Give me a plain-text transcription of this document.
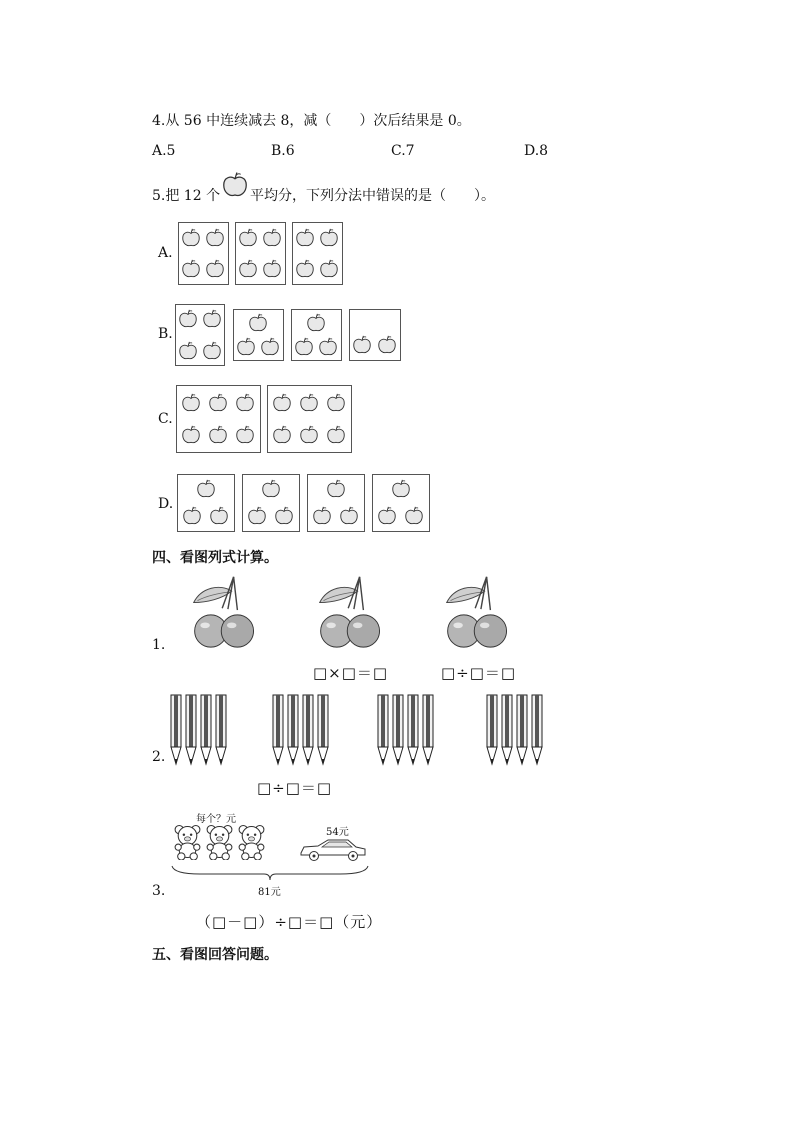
4.从 56 中连续减去 8，减（　　）次后结果是 0。
A.5	B.6	C.7	D.8
5.把 12 个 平均分，下列分法中错误的是（　　）。
A.
B.
C.
D.
四、看图列式计算。
1.
□×□＝□	□÷□＝□
2.
□÷□＝□
3.
每个？元
54元
81元
（□－□）÷□＝□（元）
五、看图回答问题。
